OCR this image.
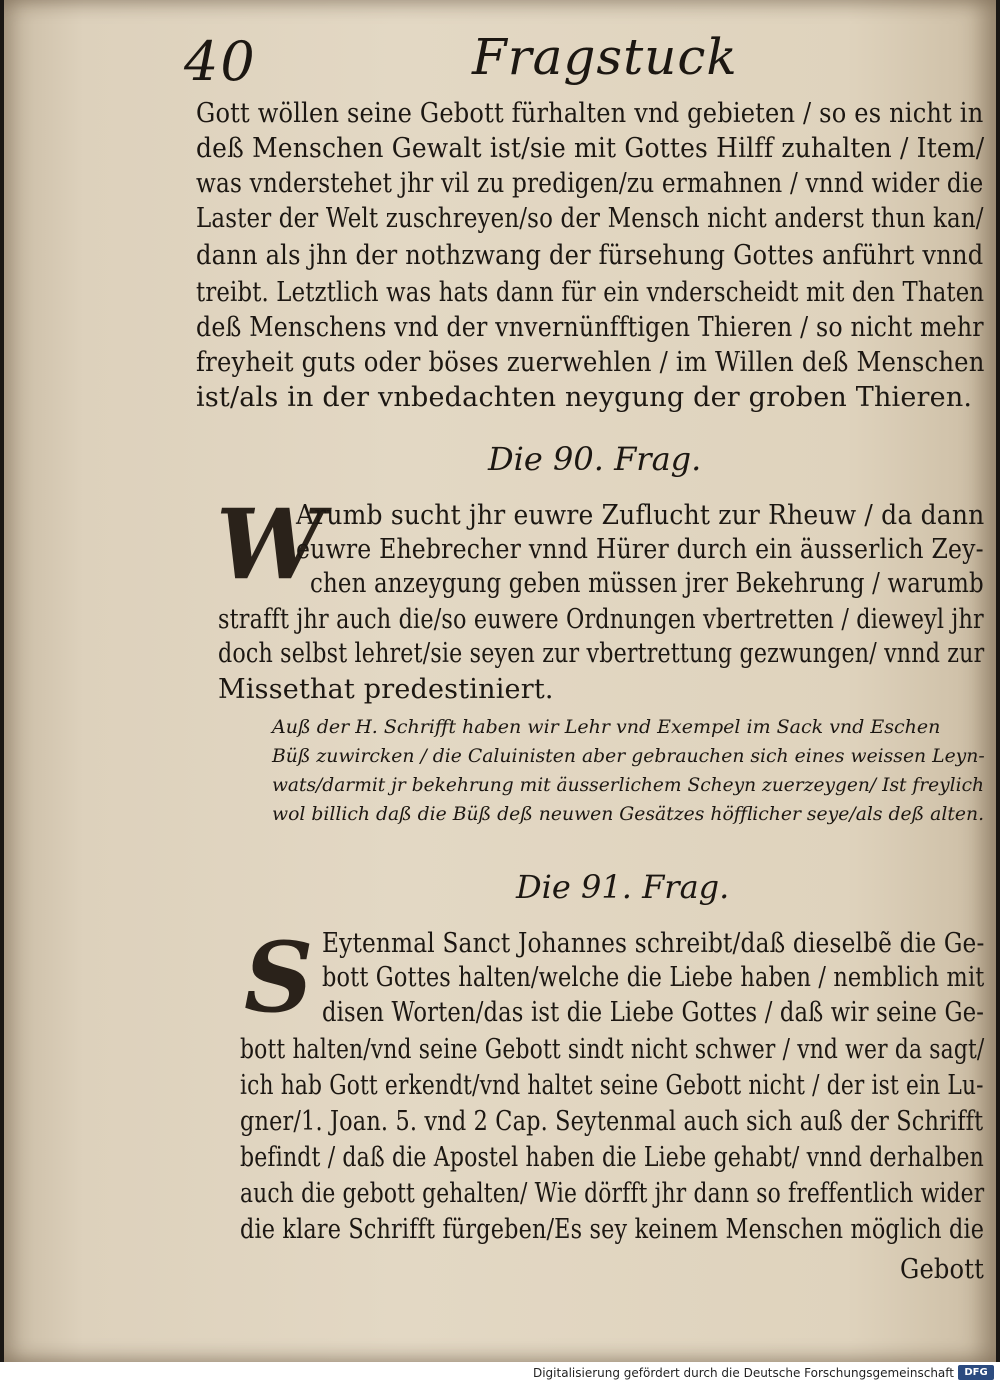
40	Fragstuck
Gott wöllen seine Gebott fürhalten vnd gebieten / so es nicht in
deß Menschen Gewalt ist/sie mit Gottes Hilff zuhalten / Item/
was vnderstehet jhr vil zu predigen/zu ermahnen / vnnd wider die
Laster der Welt zuschreyen/so der Mensch nicht anderst thun kan/
dann als jhn der nothzwang der fürsehung Gottes anführt vnnd
treibt. Letztlich was hats dann für ein vnderscheidt mit den Thaten
deß Menschens vnd der vnvernünfftigen Thieren / so nicht mehr
freyheit guts oder böses zuerwehlen / im Willen deß Menschen
ist/als in der vnbedachten neygung der groben Thieren.
Die 90. Frag.
W
Arumb sucht jhr euwre Zuflucht zur Rheuw / da dann
euwre Ehebrecher vnnd Hürer durch ein äusserlich Zey-
chen anzeygung geben müssen jrer Bekehrung / warumb
strafft jhr auch die/so euwere Ordnungen vbertretten / dieweyl jhr
doch selbst lehret/sie seyen zur vbertrettung gezwungen/ vnnd zur
Missethat predestiniert.
Auß der H. Schrifft haben wir Lehr vnd Exempel im Sack vnd Eschen
Büß zuwircken / die Caluinisten aber gebrauchen sich eines weissen Leyn-
wats/darmit jr bekehrung mit äusserlichem Scheyn zuerzeygen/ Ist freylich
wol billich daß die Büß deß neuwen Gesätzes höfflicher seye/als deß alten.
Die 91. Frag.
S Eytenmal Sanct Johannes schreibt/daß dieselbẽ die Ge-
bott Gottes halten/welche die Liebe haben / nemblich mit
disen Worten/das ist die Liebe Gottes / daß wir seine Ge-
bott halten/vnd seine Gebott sindt nicht schwer / vnd wer da sagt/
ich hab Gott erkendt/vnd haltet seine Gebott nicht / der ist ein Lu-
gner/1. Joan. 5. vnd 2 Cap. Seytenmal auch sich auß der Schrifft
befindt / daß die Apostel haben die Liebe gehabt/ vnnd derhalben
auch die gebott gehalten/ Wie dörfft jhr dann so freffentlich wider
die klare Schrifft fürgeben/Es sey keinem Menschen möglich die
Gebott
Digitalisierung gefördert durch die Deutsche Forschungsgemeinschaft	DFG
